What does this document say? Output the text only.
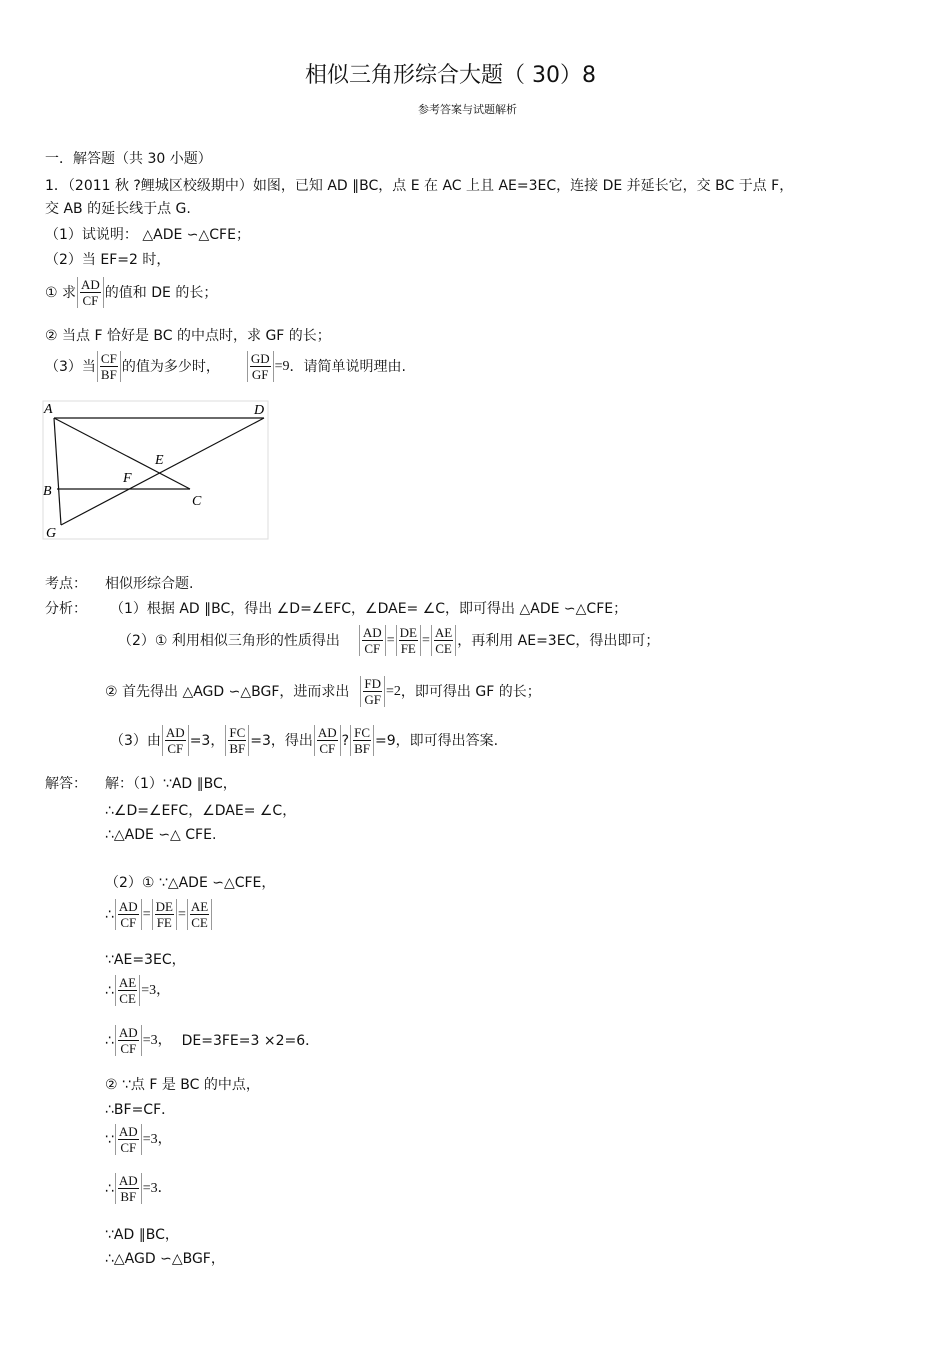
相似三角形综合大题（ 30）8
参考答案与试题解析
一．解答题（共 30 小题）
1．（2011 秋 ?鲤城区校级期中）如图，已知 AD ∥BC，点 E 在 AC 上且 AE=3EC，连接 DE 并延长它，交 BC 于点 F，
交 AB 的延长线于点 G.
（1）试说明： △ADE ∽△CFE；
（2）当 EF=2 时，
① 求 $\frac{AD}{CF}$ 的值和 DE 的长；
② 当点 F 恰好是 BC 的中点时，求 GF 的长；
（3）当 $\frac{CF}{BF}$ 的值为多少时， $\frac{GD}{GF} =9$ ．请简单说明理由.
A	D
E
F
B
C
G
考点： 相似形综合题.
分析： （1）根据 AD ∥BC，得出 ∠D=∠EFC，∠DAE= ∠C，即可得出 △ADE ∽△CFE；
（2）① 利用相似三角形的性质得出 $\frac{AD}{CF} = \frac{DE}{FE} = \frac{AE}{CE}$ ，再利用 AE=3EC，得出即可；
② 首先得出 △AGD ∽△BGF，进而求出 $\frac{FD}{GF} =2$ ，即可得出 GF 的长；
（3）由 $\frac{AD}{CF} =3$， $\frac{FC}{BF} =3$，得出 $\frac{AD}{CF}$ ? $\frac{FC}{BF} =9$，即可得出答案.
解答： 解：（1）∵AD ∥BC，
∴∠D=∠EFC，∠DAE= ∠C，
∴△ADE ∽△ CFE.
（2）① ∵△ADE ∽△CFE，
∴ $\frac{AD}{CF} = \frac{DE}{FE} = \frac{AE}{CE}$
∵AE=3EC，
∴ $\frac{AE}{CE} =3$，
∴ $\frac{AD}{CF} =3$， DE=3FE=3 ×2=6．
② ∵点 F 是 BC 的中点，
∴BF=CF．
∵ $\frac{AD}{CF} =3$，
∴ $\frac{AD}{BF} =3$．
∵AD ∥BC，
∴△AGD ∽△BGF，
